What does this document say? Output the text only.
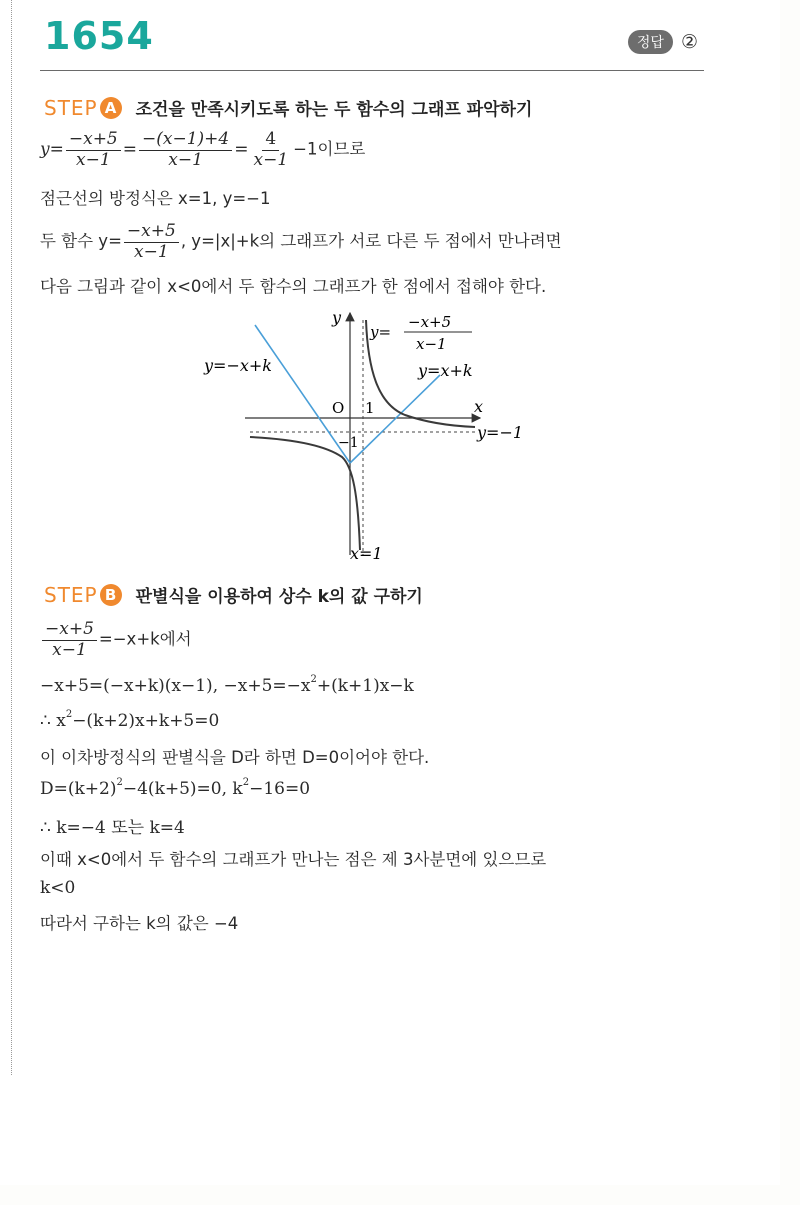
1654	정답 ②
STEP A	조건을 만족시키도록 하는 두 함수의 그래프 파악하기
$y= \frac{-x+5}{x-1} = \frac{-(x-1)+4}{x-1} = \frac{4}{x-1} -1$이므로
점근선의 방정식은 x=1, y=−1
두 함수 $y= \frac{-x+5}{x-1}$ , y=|x|+k의 그래프가 서로 다른 두 점에서 만나려면
다음 그림과 같이 x<0에서 두 함수의 그래프가 한 점에서 접해야 한다.
y
x
O 1
−1
y=
−x+5
x−1
y=−x+k	y=x+k
y=−1
x=1
STEP B	판별식을 이용하여 상수 k의 값 구하기
$\frac{-x+5}{x-1} =-x+k$에서
−x+5=(−x+k)(x−1), $-x+5=-x^2+(k+1)x-k$
∴ $x^2-(k+2)x+k+5=0$
이 이차방정식의 판별식을 D라 하면 D=0이어야 한다.
$D=(k+2)^2-4(k+5)=0$, $k^2-16=0$
∴ k=−4 또는 k=4
이때 x<0에서 두 함수의 그래프가 만나는 점은 제 3사분면에 있으므로
k<0
따라서 구하는 k의 값은 −4
